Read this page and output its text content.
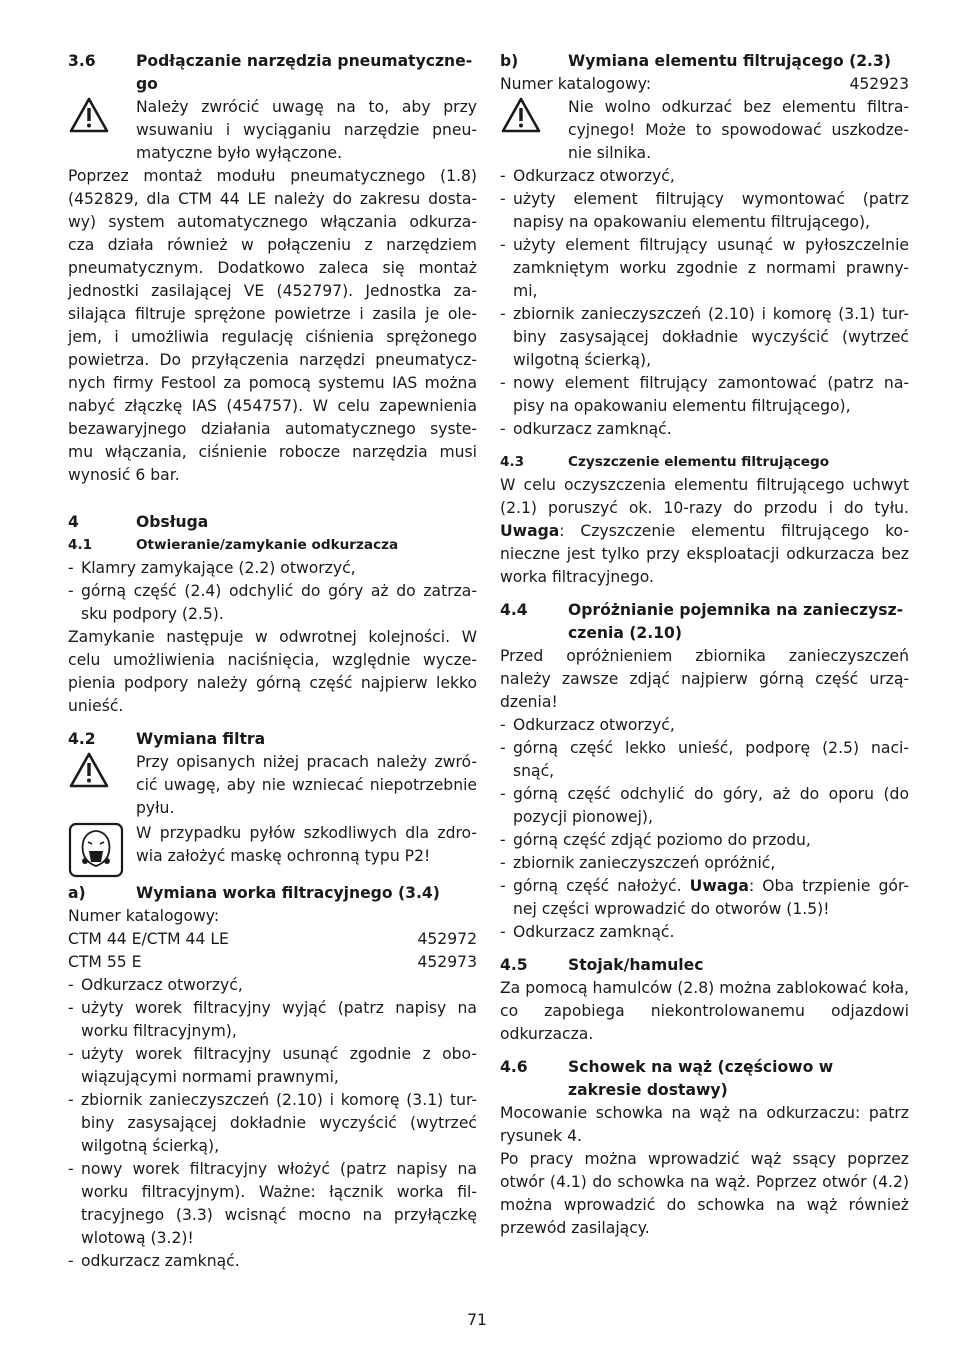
3.6	Podłączanie narzędzia pneumatyczne- go
Należy zwrócić uwagę na to, aby przy wsuwaniu i wyciąganiu narzędzie pneu- matyczne było wyłączone.

Poprzez montaż modułu pneumatycznego (1.8) (452829, dla CTM 44 LE należy do zakresu dosta- wy) system automatycznego włączania odkurza- cza działa również w połączeniu z narzędziem pneumatycznym. Dodatkowo zaleca się montaż jednostki zasilającej VE (452797). Jednostka za- silająca filtruje sprężone powietrze i zasila je ole- jem, i umożliwia regulację ciśnienia sprężonego powietrza. Do przyłączenia narzędzi pneumatycz- nych firmy Festool za pomocą systemu IAS można nabyć złączkę IAS (454757). W celu zapewnienia bezawaryjnego działania automatycznego syste- mu włączania, ciśnienie robocze narzędzia musi wynosić 6 bar.

4	Obsługa
4.1	Otwieranie/zamykanie odkurzacza
- Klamry zamykające (2.2) otworzyć,
- górną część (2.4) odchylić do góry aż do zatrza- sku podpory (2.5).

Zamykanie następuje w odwrotnej kolejności. W celu umożliwienia naciśnięcia, względnie wycze- pienia podpory należy górną część najpierw lekko unieść.

4.2	Wymiana filtra
Przy opisanych niżej pracach należy zwró- cić uwagę, aby nie wzniecać niepotrzebnie pyłu.
W przypadku pyłów szkodliwych dla zdro- wia założyć maskę ochronną typu P2!
a)	Wymiana worka filtracyjnego (3.4)
Numer katalogowy:
CTM 44 E/CTM 44 LE	452972
CTM 55 E	452973
- Odkurzacz otworzyć,
- użyty worek filtracyjny wyjąć (patrz napisy na worku filtracyjnym),
- użyty worek filtracyjny usunąć zgodnie z obo- wiązującymi normami prawnymi,
- zbiornik zanieczyszczeń (2.10) i komorę (3.1) tur- biny zasysającej dokładnie wyczyścić (wytrzeć wilgotną ścierką),
- nowy worek filtracyjny włożyć (patrz napisy na worku filtracyjnym). Ważne: łącznik worka fil- tracyjnego (3.3) wcisnąć mocno na przyłączkę wlotową (3.2)!
- odkurzacz zamknąć.
b)	Wymiana elementu filtrującego (2.3)
Numer katalogowy:	452923
Nie wolno odkurzać bez elementu filtra- cyjnego! Może to spowodować uszkodze- nie silnika.
- Odkurzacz otworzyć,
- użyty element filtrujący wymontować (patrz napisy na opakowaniu elementu filtrującego),
- użyty element filtrujący usunąć w pyłoszczelnie zamkniętym worku zgodnie z normami prawny- mi,
- zbiornik zanieczyszczeń (2.10) i komorę (3.1) tur- biny zasysającej dokładnie wyczyścić (wytrzeć wilgotną ścierką),
- nowy element filtrujący zamontować (patrz na- pisy na opakowaniu elementu filtrującego),
- odkurzacz zamknąć.
4.3	Czyszczenie elementu filtrującego

W celu oczyszczenia elementu filtrującego uchwyt (2.1) poruszyć ok. 10-razy do przodu i do tyłu. Uwaga: Czyszczenie elementu filtrującego ko- nieczne jest tylko przy eksploatacji odkurzacza bez worka filtracyjnego.

4.4	Opróżnianie pojemnika na zanieczysz- czenia (2.10)

Przed opróżnieniem zbiornika zanieczyszczeń należy zawsze zdjąć najpierw górną część urzą- dzenia!

- Odkurzacz otworzyć,
- górną część lekko unieść, podporę (2.5) naci- snąć,
- górną część odchylić do góry, aż do oporu (do pozycji pionowej),
- górną część zdjąć poziomo do przodu,
- zbiornik zanieczyszczeń opróżnić,
- górną część nałożyć. Uwaga: Oba trzpienie gór- nej części wprowadzić do otworów (1.5)!
- Odkurzacz zamknąć.
4.5	Stojak/hamulec

Za pomocą hamulców (2.8) można zablokować koła, co zapobiega niekontrolowanemu odjazdowi odkurzacza.

4.6	Schowek na wąż (częściowo w zakresie dostawy)

Mocowanie schowka na wąż na odkurzaczu: patrz rysunek 4.

Po pracy można wprowadzić wąż ssący poprzez otwór (4.1) do schowka na wąż. Poprzez otwór (4.2) można wprowadzić do schowka na wąż również przewód zasilający.

71
